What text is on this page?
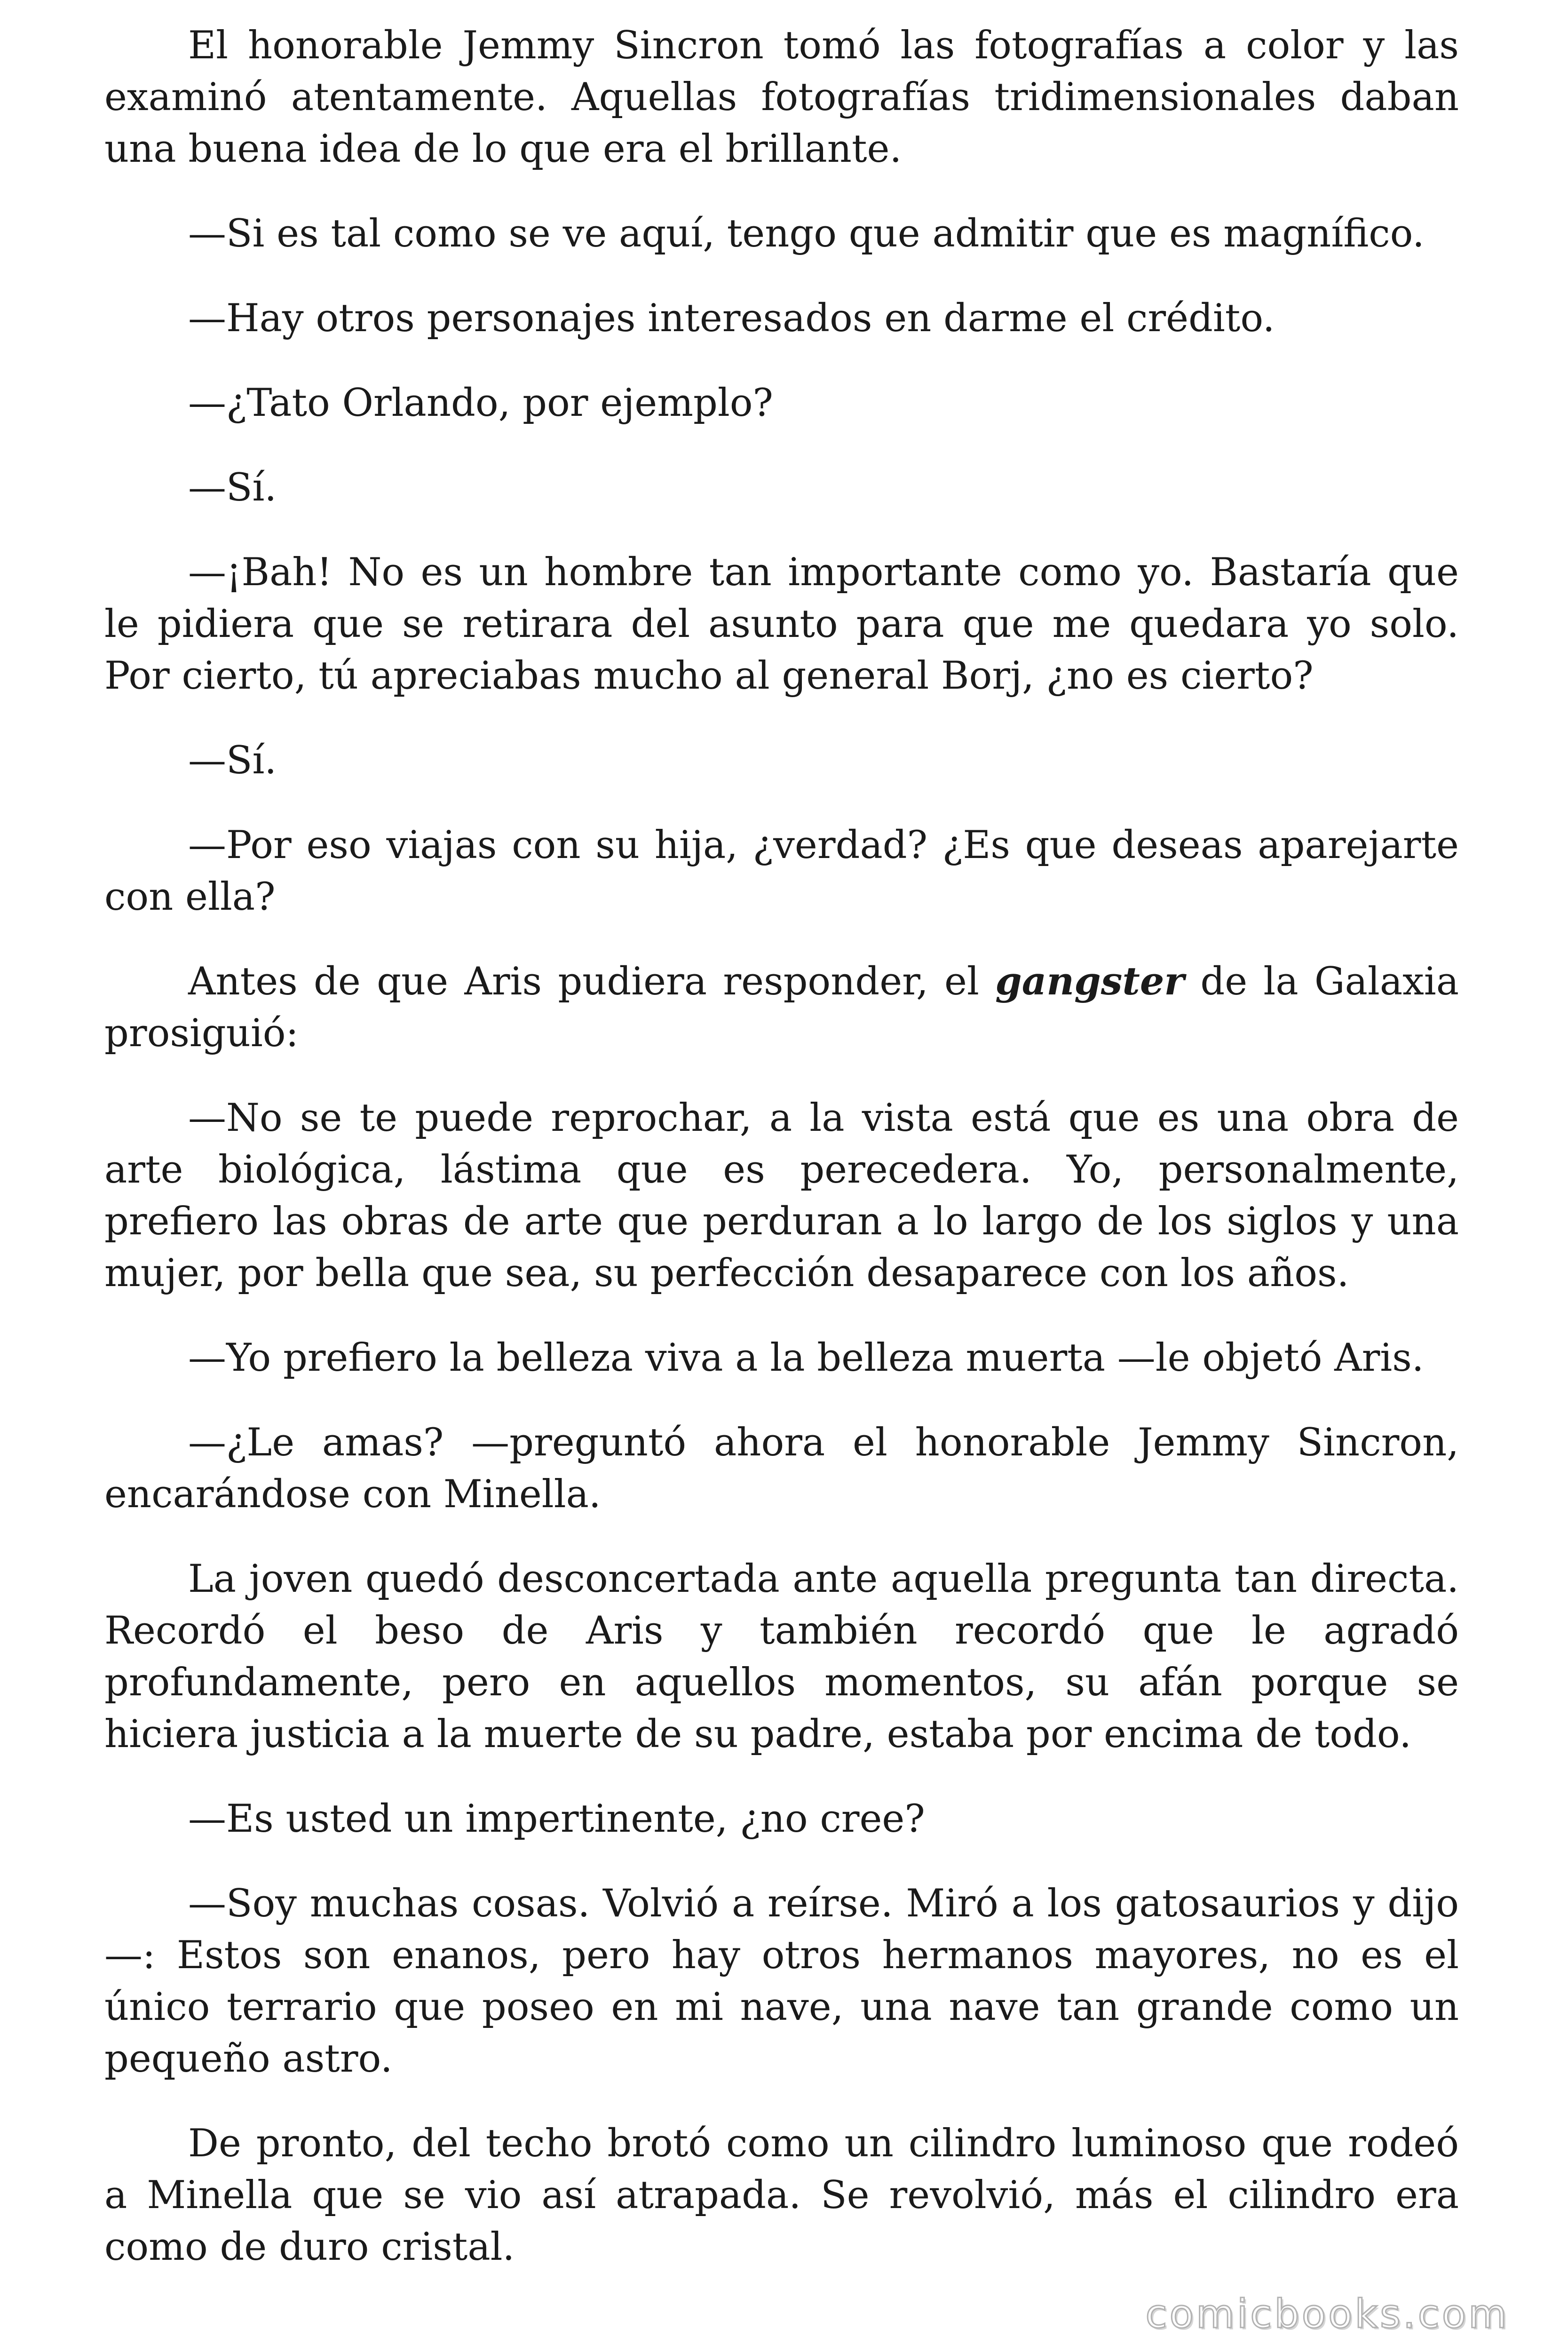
El honorable Jemmy Sincron tomó las fotografías a color y las examinó atentamente. Aquellas fotografías tridimensionales daban una buena idea de lo que era el brillante.

—Si es tal como se ve aquí, tengo que admitir que es magnífico.

—Hay otros personajes interesados en darme el crédito.

—¿Tato Orlando, por ejemplo?

—Sí.

—¡Bah! No es un hombre tan importante como yo. Bastaría que le pidiera que se retirara del asunto para que me quedara yo solo. Por cierto, tú apreciabas mucho al general Borj, ¿no es cierto?

—Sí.

—Por eso viajas con su hija, ¿verdad? ¿Es que deseas aparejarte con ella?

Antes de que Aris pudiera responder, el gangster de la Galaxia prosiguió:

—No se te puede reprochar, a la vista está que es una obra de arte biológica, lástima que es perecedera. Yo, personalmente, prefiero las obras de arte que perduran a lo largo de los siglos y una mujer, por bella que sea, su perfección desaparece con los años.

—Yo prefiero la belleza viva a la belleza muerta —le objetó Aris.

—¿Le amas? —preguntó ahora el honorable Jemmy Sincron, encarándose con Minella.

La joven quedó desconcertada ante aquella pregunta tan directa. Recordó el beso de Aris y también recordó que le agradó profundamente, pero en aquellos momentos, su afán porque se hiciera justicia a la muerte de su padre, estaba por encima de todo.

—Es usted un impertinente, ¿no cree?

—Soy muchas cosas. Volvió a reírse. Miró a los gatosaurios y dijo —: Estos son enanos, pero hay otros hermanos mayores, no es el único terrario que poseo en mi nave, una nave tan grande como un pequeño astro.

De pronto, del techo brotó como un cilindro luminoso que rodeó a Minella que se vio así atrapada. Se revolvió, más el cilindro era como de duro cristal.

comicbooks.com
